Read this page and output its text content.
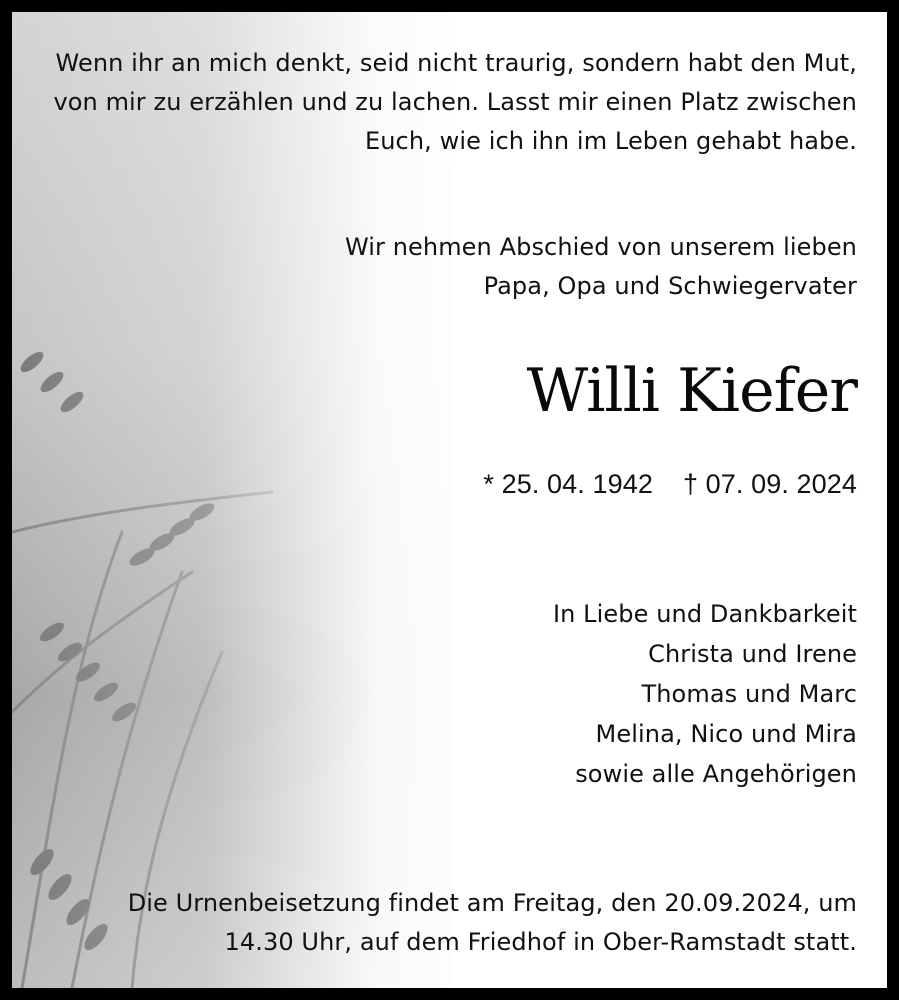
Wenn ihr an mich denkt, seid nicht traurig, sondern habt den Mut,
von mir zu erzählen und zu lachen. Lasst mir einen Platz zwischen
Euch, wie ich ihn im Leben gehabt habe.
Wir nehmen Abschied von unserem lieben
Papa, Opa und Schwiegervater
Willi Kiefer
* 25. 04. 1942 † 07. 09. 2024
In Liebe und Dankbarkeit
Christa und Irene
Thomas und Marc
Melina, Nico und Mira
sowie alle Angehörigen
Die Urnenbeisetzung findet am Freitag, den 20.09.2024, um
14.30 Uhr, auf dem Friedhof in Ober-Ramstadt statt.
